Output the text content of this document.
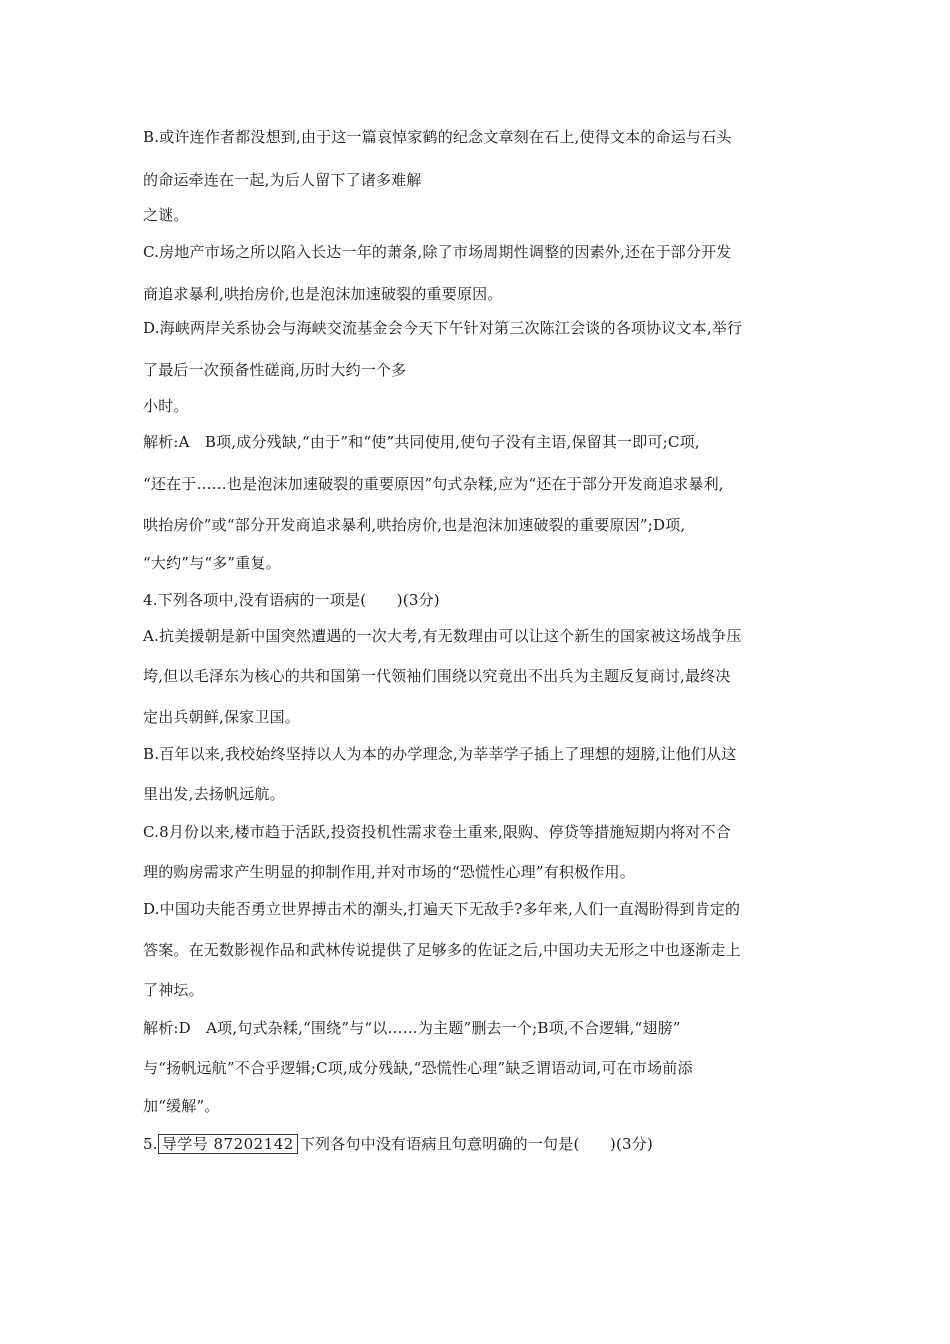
B.或许连作者都没想到,由于这一篇哀悼家鹤的纪念文章刻在石上,使得文本的命运与石头
的命运牵连在一起,为后人留下了诸多难解
之谜。
C.房地产市场之所以陷入长达一年的萧条,除了市场周期性调整的因素外,还在于部分开发
商追求暴利,哄抬房价,也是泡沫加速破裂的重要原因。
D.海峡两岸关系协会与海峡交流基金会今天下午针对第三次陈江会谈的各项协议文本,举行
了最后一次预备性磋商,历时大约一个多
小时。
解析:A　B项,成分残缺,“由于”和“使”共同使用,使句子没有主语,保留其一即可;C项,
“还在于……也是泡沫加速破裂的重要原因”句式杂糅,应为“还在于部分开发商追求暴利,
哄抬房价”或“部分开发商追求暴利,哄抬房价,也是泡沫加速破裂的重要原因”;D项,
“大约”与“多”重复。
4.下列各项中,没有语病的一项是(　　)(3分)
A.抗美援朝是新中国突然遭遇的一次大考,有无数理由可以让这个新生的国家被这场战争压
垮,但以毛泽东为核心的共和国第一代领袖们围绕以究竟出不出兵为主题反复商讨,最终决
定出兵朝鲜,保家卫国。
B.百年以来,我校始终坚持以人为本的办学理念,为莘莘学子插上了理想的翅膀,让他们从这
里出发,去扬帆远航。
C.8月份以来,楼市趋于活跃,投资投机性需求卷土重来,限购、停贷等措施短期内将对不合
理的购房需求产生明显的抑制作用,并对市场的“恐慌性心理”有积极作用。
D.中国功夫能否勇立世界搏击术的潮头,打遍天下无敌手?多年来,人们一直渴盼得到肯定的
答案。在无数影视作品和武林传说提供了足够多的佐证之后,中国功夫无形之中也逐渐走上
了神坛。
解析:D　A项,句式杂糅,“围绕”与“以……为主题”删去一个;B项,不合逻辑,“翅膀”
与“扬帆远航”不合乎逻辑;C项,成分残缺,“恐慌性心理”缺乏谓语动词,可在市场前添
加“缓解”。
5. 导学号 87202142 下列各句中没有语病且句意明确的一句是(　　)(3分)
